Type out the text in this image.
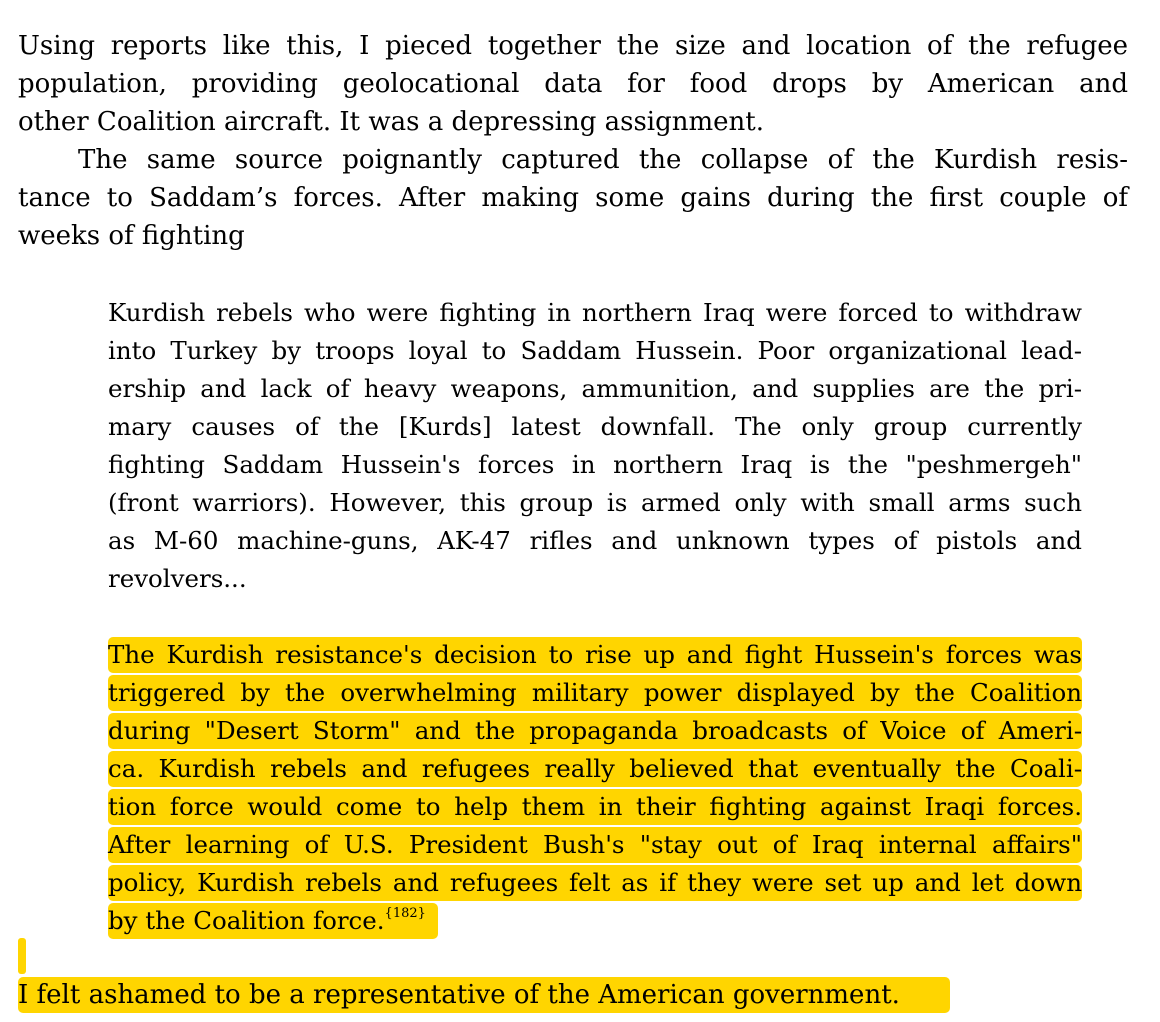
Using reports like this, I pieced together the size and location of the refugee
population, providing geolocational data for food drops by American and
other Coalition aircraft. It was a depressing assignment.
The same source poignantly captured the collapse of the Kurdish resis-
tance to Saddam’s forces. After making some gains during the first couple of
weeks of fighting
Kurdish rebels who were fighting in northern Iraq were forced to withdraw
into Turkey by troops loyal to Saddam Hussein. Poor organizational lead-
ership and lack of heavy weapons, ammunition, and supplies are the pri-
mary causes of the [Kurds] latest downfall. The only group currently
fighting Saddam Hussein's forces in northern Iraq is the "peshmergeh"
(front warriors). However, this group is armed only with small arms such
as M-60 machine-guns, AK-47 rifles and unknown types of pistols and
revolvers...
The Kurdish resistance's decision to rise up and fight Hussein's forces was
triggered by the overwhelming military power displayed by the Coalition
during "Desert Storm" and the propaganda broadcasts of Voice of Ameri-
ca. Kurdish rebels and refugees really believed that eventually the Coali-
tion force would come to help them in their fighting against Iraqi forces.
After learning of U.S. President Bush's "stay out of Iraq internal affairs"
policy, Kurdish rebels and refugees felt as if they were set up and let down
by the Coalition force.$^{\{182\}}$
I felt ashamed to be a representative of the American government.
